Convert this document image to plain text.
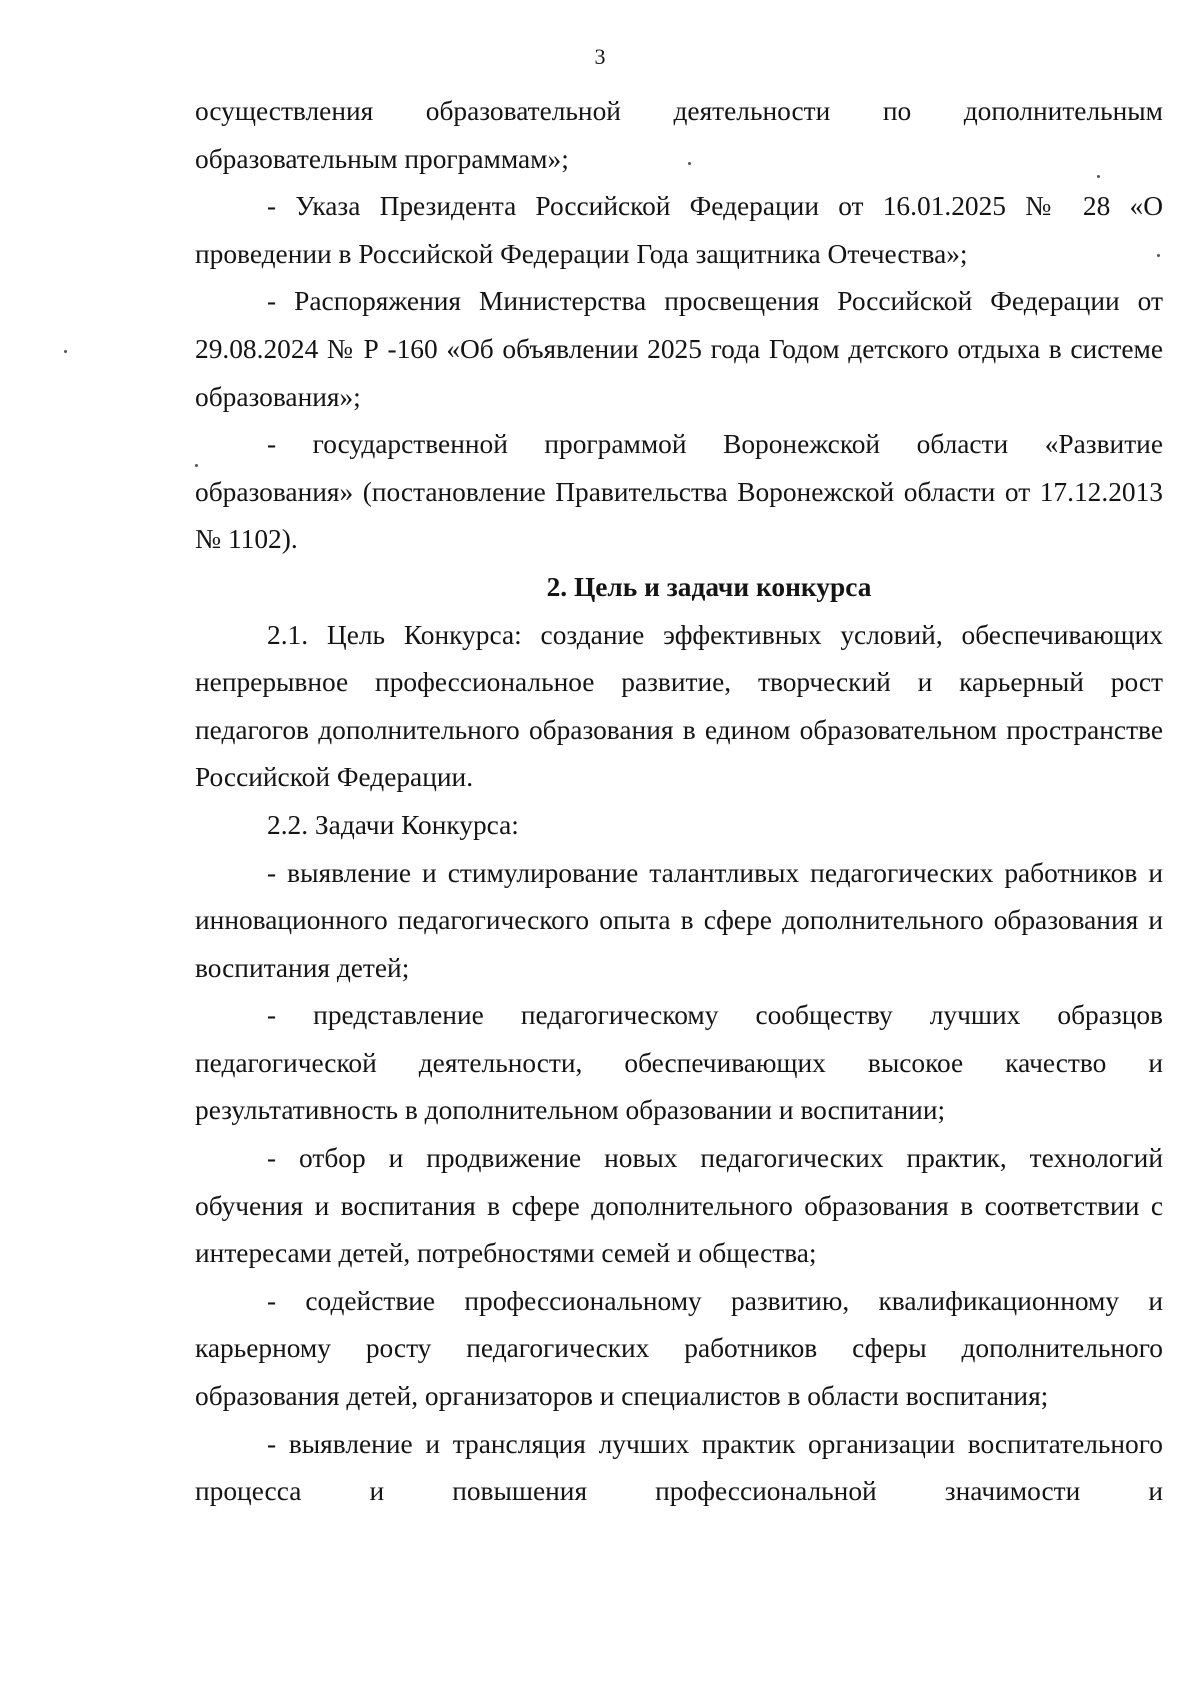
3

осуществления образовательной деятельности по дополнительным образовательным программам»;

- Указа Президента Российской Федерации от 16.01.2025 № 28 «О проведении в Российской Федерации Года защитника Отечества»;

- Распоряжения Министерства просвещения Российской Федерации от 29.08.2024 № Р -160 «Об объявлении 2025 года Годом детского отдыха в системе образования»;

- государственной программой Воронежской области «Развитие образования» (постановление Правительства Воронежской области от 17.12.2013 № 1102).

2. Цель и задачи конкурса

2.1. Цель Конкурса: создание эффективных условий, обеспечивающих непрерывное профессиональное развитие, творческий и карьерный рост педагогов дополнительного образования в едином образовательном пространстве Российской Федерации.

2.2. Задачи Конкурса:

- выявление и стимулирование талантливых педагогических работников и инновационного педагогического опыта в сфере дополнительного образования и воспитания детей;

- представление педагогическому сообществу лучших образцов педагогической деятельности, обеспечивающих высокое качество и результативность в дополнительном образовании и воспитании;

- отбор и продвижение новых педагогических практик, технологий обучения и воспитания в сфере дополнительного образования в соответствии с интересами детей, потребностями семей и общества;

- содействие профессиональному развитию, квалификационному и карьерному росту педагогических работников сферы дополнительного образования детей, организаторов и специалистов в области воспитания;

- выявление и трансляция лучших практик организации воспитательного процесса и повышения профессиональной значимости и
